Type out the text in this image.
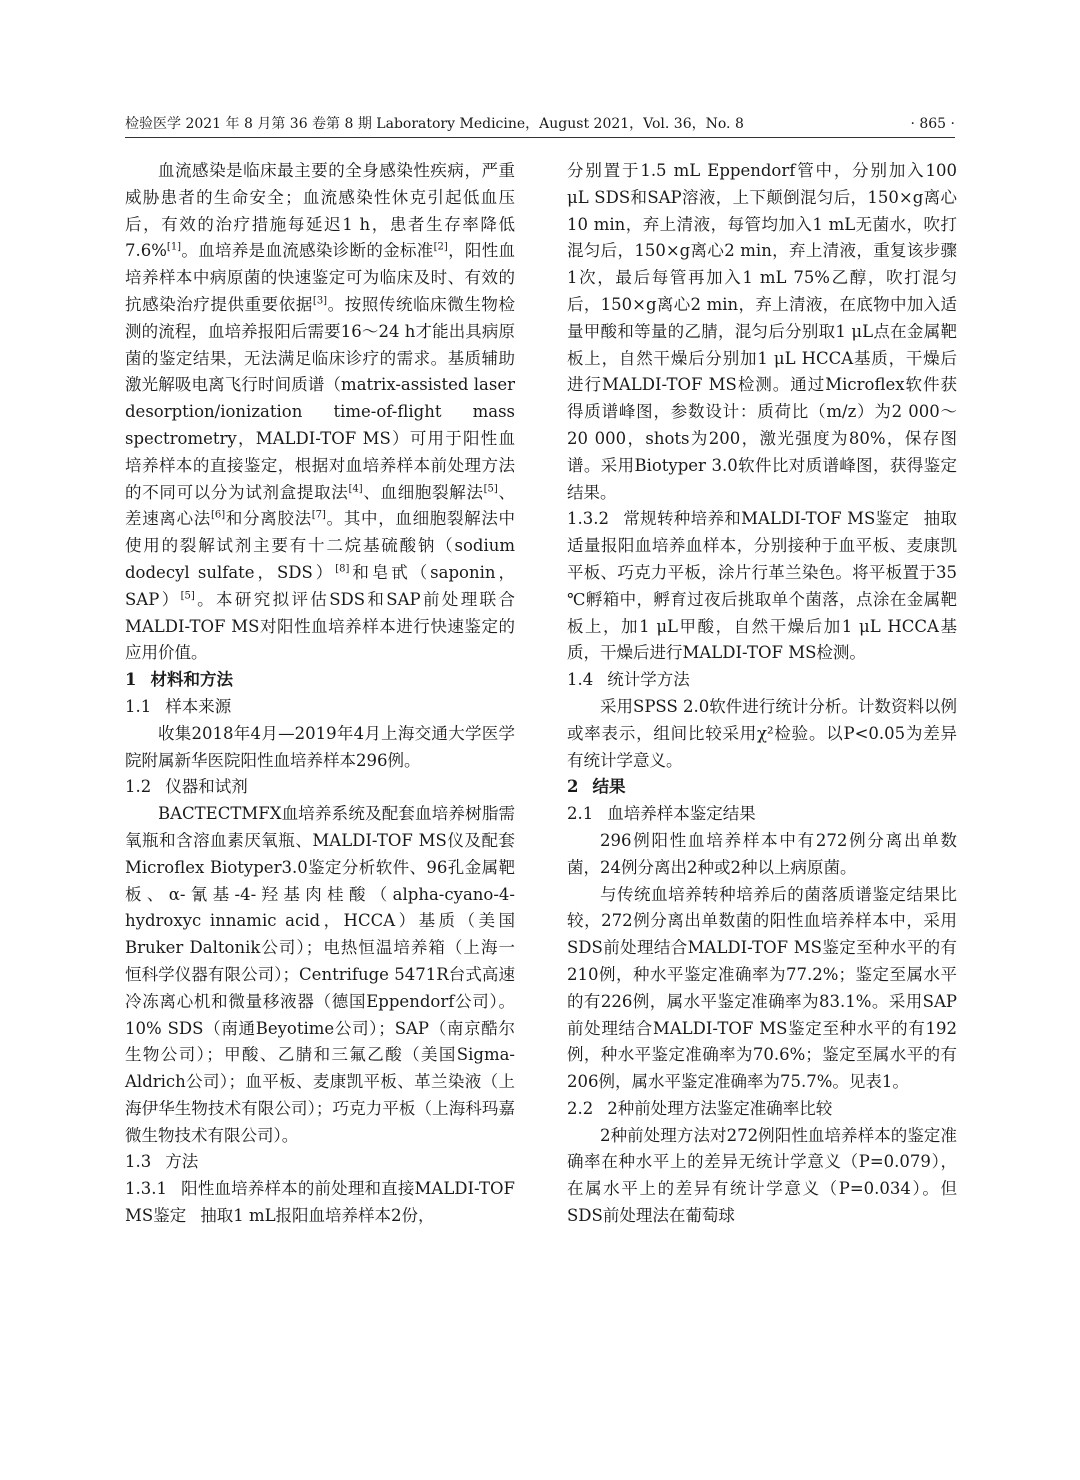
检验医学 2021 年 8 月第 36 卷第 8 期 Laboratory Medicine，August 2021，Vol. 36，No. 8	· 865 ·

血流感染是临床最主要的全身感染性疾病，严重威胁患者的生命安全；血流感染性休克引起低血压后，有效的治疗措施每延迟1 h，患者生存率降低7.6%[1]。血培养是血流感染诊断的金标准[2]，阳性血培养样本中病原菌的快速鉴定可为临床及时、有效的抗感染治疗提供重要依据[3]。按照传统临床微生物检测的流程，血培养报阳后需要16～24 h才能出具病原菌的鉴定结果，无法满足临床诊疗的需求。基质辅助激光解吸电离飞行时间质谱（matrix-assisted laser desorption/ionization time-of-flight mass spectrometry，MALDI-TOF MS）可用于阳性血培养样本的直接鉴定，根据对血培养样本前处理方法的不同可以分为试剂盒提取法[4]、血细胞裂解法[5]、差速离心法[6]和分离胶法[7]。其中，血细胞裂解法中使用的裂解试剂主要有十二烷基硫酸钠（sodium dodecyl sulfate，SDS）[8]和皂甙（saponin，SAP）[5]。本研究拟评估SDS和SAP前处理联合MALDI-TOF MS对阳性血培养样本进行快速鉴定的应用价值。

1 材料和方法

1.1 样本来源

收集2018年4月—2019年4月上海交通大学医学院附属新华医院阳性血培养样本296例。

1.2 仪器和试剂

BACTECTMFX血培养系统及配套血培养树脂需氧瓶和含溶血素厌氧瓶、MALDI-TOF MS仪及配套Microflex Biotyper3.0鉴定分析软件、96孔金属靶板、α-氰基-4-羟基肉桂酸（alpha-cyano-4-hydroxyc innamic acid，HCCA）基质（美国Bruker Daltonik公司）；电热恒温培养箱（上海一恒科学仪器有限公司）；Centrifuge 5471R台式高速冷冻离心机和微量移液器（德国Eppendorf公司）。10% SDS（南通Beyotime公司）；SAP（南京酷尔生物公司）；甲酸、乙腈和三氟乙酸（美国Sigma-Aldrich公司）；血平板、麦康凯平板、革兰染液（上海伊华生物技术有限公司）；巧克力平板（上海科玛嘉微生物技术有限公司）。

1.3 方法

1.3.1 阳性血培养样本的前处理和直接MALDI-TOF MS鉴定 抽取1 mL报阳血培养样本2份，

分别置于1.5 mL Eppendorf管中，分别加入100 μL SDS和SAP溶液，上下颠倒混匀后，150×g离心10 min，弃上清液，每管均加入1 mL无菌水，吹打混匀后，150×g离心2 min，弃上清液，重复该步骤1次，最后每管再加入1 mL 75%乙醇，吹打混匀后，150×g离心2 min，弃上清液，在底物中加入适量甲酸和等量的乙腈，混匀后分别取1 μL点在金属靶板上，自然干燥后分别加1 μL HCCA基质，干燥后进行MALDI-TOF MS检测。通过Microflex软件获得质谱峰图，参数设计：质荷比（m/z）为2 000～20 000，shots为200，激光强度为80%，保存图谱。采用Biotyper 3.0软件比对质谱峰图，获得鉴定结果。

1.3.2 常规转种培养和MALDI-TOF MS鉴定 抽取适量报阳血培养血样本，分别接种于血平板、麦康凯平板、巧克力平板，涂片行革兰染色。将平板置于35 ℃孵箱中，孵育过夜后挑取单个菌落，点涂在金属靶板上，加1 μL甲酸，自然干燥后加1 μL HCCA基质，干燥后进行MALDI-TOF MS检测。

1.4 统计学方法

采用SPSS 2.0软件进行统计分析。计数资料以例或率表示，组间比较采用χ²检验。以P<0.05为差异有统计学意义。

2 结果

2.1 血培养样本鉴定结果

296例阳性血培养样本中有272例分离出单数菌，24例分离出2种或2种以上病原菌。

与传统血培养转种培养后的菌落质谱鉴定结果比较，272例分离出单数菌的阳性血培养样本中，采用SDS前处理结合MALDI-TOF MS鉴定至种水平的有210例，种水平鉴定准确率为77.2%；鉴定至属水平的有226例，属水平鉴定准确率为83.1%。采用SAP前处理结合MALDI-TOF MS鉴定至种水平的有192例，种水平鉴定准确率为70.6%；鉴定至属水平的有206例，属水平鉴定准确率为75.7%。见表1。

2.2 2种前处理方法鉴定准确率比较

2种前处理方法对272例阳性血培养样本的鉴定准确率在种水平上的差异无统计学意义（P=0.079），在属水平上的差异有统计学意义（P=0.034）。但SDS前处理法在葡萄球
